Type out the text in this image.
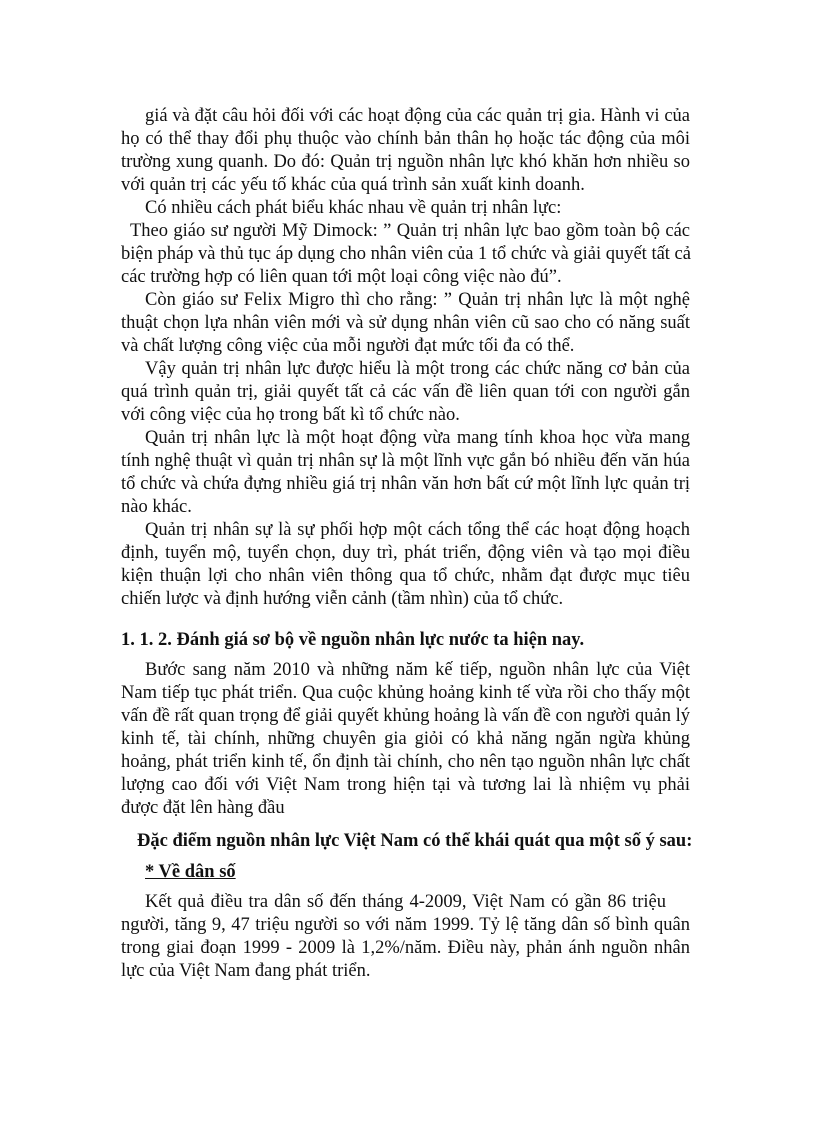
giá và đặt câu hỏi đối với các hoạt động của các quản trị gia. Hành vi của
họ có thể thay đổi phụ thuộc vào chính bản thân họ hoặc tác động của môi
trường xung quanh. Do đó: Quản trị nguồn nhân lực khó khăn hơn nhiều so
với quản trị các yếu tố khác của quá trình sản xuất kinh doanh.
Có nhiều cách phát biểu khác nhau về quản trị nhân lực:
Theo giáo sư người Mỹ Dimock: ” Quản trị nhân lực bao gồm toàn bộ các
biện pháp và thủ tục áp dụng cho nhân viên của 1 tổ chức và giải quyết tất cả
các trường hợp có liên quan tới một loại công việc nào đú”.
Còn giáo sư Felix Migro thì cho rằng: ” Quản trị nhân lực là một nghệ
thuật chọn lựa nhân viên mới và sử dụng nhân viên cũ sao cho có năng suất
và chất lượng công việc của mỗi người đạt mức tối đa có thể.
Vậy quản trị nhân lực được hiểu là một trong các chức năng cơ bản của
quá trình quản trị, giải quyết tất cả các vấn đề liên quan tới con người gắn
với công việc của họ trong bất kì tổ chức nào.
Quản trị nhân lực là một hoạt động vừa mang tính khoa học vừa mang
tính nghệ thuật vì quản trị nhân sự là một lĩnh vực gắn bó nhiều đến văn húa
tổ chức và chứa đựng nhiều giá trị nhân văn hơn bất cứ một lĩnh lực quản trị
nào khác.
Quản trị nhân sự là sự phối hợp một cách tổng thể các hoạt động hoạch
định, tuyển mộ, tuyển chọn, duy trì, phát triển, động viên và tạo mọi điều
kiện thuận lợi cho nhân viên thông qua tổ chức, nhằm đạt được mục tiêu
chiến lược và định hướng viễn cảnh (tầm nhìn) của tổ chức.
1. 1. 2. Đánh giá sơ bộ về nguồn nhân lực nước ta hiện nay.
Bước sang năm 2010 và những năm kế tiếp, nguồn nhân lực của Việt
Nam tiếp tục phát triển. Qua cuộc khủng hoảng kinh tế vừa rồi cho thấy một
vấn đề rất quan trọng để giải quyết khủng hoảng là vấn đề con người quản lý
kinh tế, tài chính, những chuyên gia giỏi có khả năng ngăn ngừa khủng
hoảng, phát triển kinh tế, ổn định tài chính, cho nên tạo nguồn nhân lực chất
lượng cao đối với Việt Nam trong hiện tại và tương lai là nhiệm vụ phải
được đặt lên hàng đầu
Đặc điểm nguồn nhân lực Việt Nam có thể khái quát qua một số ý sau:
* Về dân số
Kết quả điều tra dân số đến tháng 4-2009, Việt Nam có gần 86 triệu
người, tăng 9, 47 triệu người so với năm 1999. Tỷ lệ tăng dân số bình quân
trong giai đoạn 1999 - 2009 là 1,2%/năm. Điều này, phản ánh nguồn nhân
lực của Việt Nam đang phát triển.
